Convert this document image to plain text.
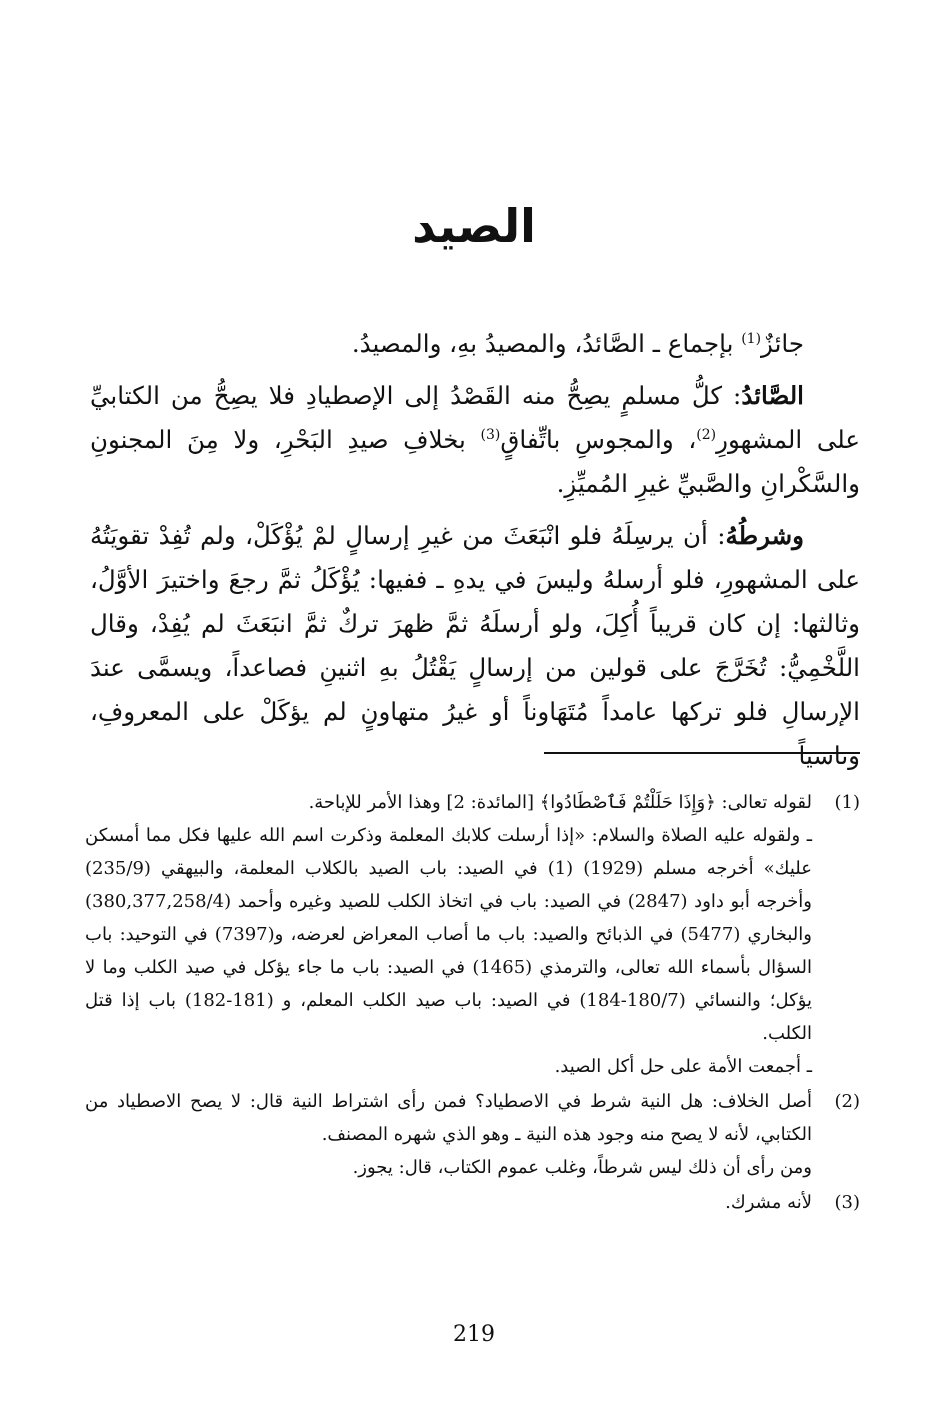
الصيد

جائزٌ$^{(1)}$ بإجماع ـ الصَّائدُ، والمصيدُ بهِ، والمصيدُ.

الصَّائدُ: كلُّ مسلمٍ يصِحُّ منه القَصْدُ إلى الإصطيادِ فلا يصِحُّ من الكتابيِّ على المشهورِ$^{(2)}$، والمجوسِ باتِّفاقٍ$^{(3)}$ بخلافِ صيدِ البَحْرِ، ولا مِنَ المجنونِ والسَّكْرانِ والصَّبيِّ غيرِ المُميِّزِ.

وشرطُهُ: أن يرسِلَهُ فلو انْبَعَثَ من غيرِ إرسالٍ لمْ يُؤْكَلْ، ولم تُفِدْ تقويَتُهُ على المشهورِ، فلو أرسلهُ وليسَ في يدهِ ـ ففيها: يُؤْكَلُ ثمَّ رجعَ واختيرَ الأوَّلُ، وثالثها: إن كان قريباً أُكِلَ، ولو أرسلَهُ ثمَّ ظهرَ تركٌ ثمَّ انبَعَثَ لم يُفِدْ، وقال اللَّخْمِيُّ: تُخَرَّجَ على قولين من إرسالٍ يَقْتُلُ بهِ اثنينِ فصاعداً، ويسمَّى عندَ الإرسالِ فلو تركها عامداً مُتَهَاوناً أو غيرُ متهاونٍ لم يؤكَلْ على المعروفِ، وناسياً

(1)

لقوله تعالى: ﴿وَإِذَا حَلَلْتُمْ فَٱصْطَادُوا﴾ [المائدة: 2] وهذا الأمر للإباحة.

ـ ولقوله عليه الصلاة والسلام: «إذا أرسلت كلابك المعلمة وذكرت اسم الله عليها فكل مما أمسكن عليك» أخرجه مسلم (1929) (1) في الصيد: باب الصيد بالكلاب المعلمة، والبيهقي (235/9) وأخرجه أبو داود (2847) في الصيد: باب في اتخاذ الكلب للصيد وغيره وأحمد (380,377,258/4) والبخاري (5477) في الذبائح والصيد: باب ما أصاب المعراض لعرضه، و(7397) في التوحيد: باب السؤال بأسماء الله تعالى، والترمذي (1465) في الصيد: باب ما جاء يؤكل في صيد الكلب وما لا يؤكل؛ والنسائي (180/7-184) في الصيد: باب صيد الكلب المعلم، و (181-182) باب إذا قتل الكلب.

ـ أجمعت الأمة على حل أكل الصيد.

(2)

أصل الخلاف: هل النية شرط في الاصطياد؟ فمن رأى اشتراط النية قال: لا يصح الاصطياد من الكتابي، لأنه لا يصح منه وجود هذه النية ـ وهو الذي شهره المصنف.

ومن رأى أن ذلك ليس شرطاً، وغلب عموم الكتاب، قال: يجوز.

(3)

لأنه مشرك.

219
